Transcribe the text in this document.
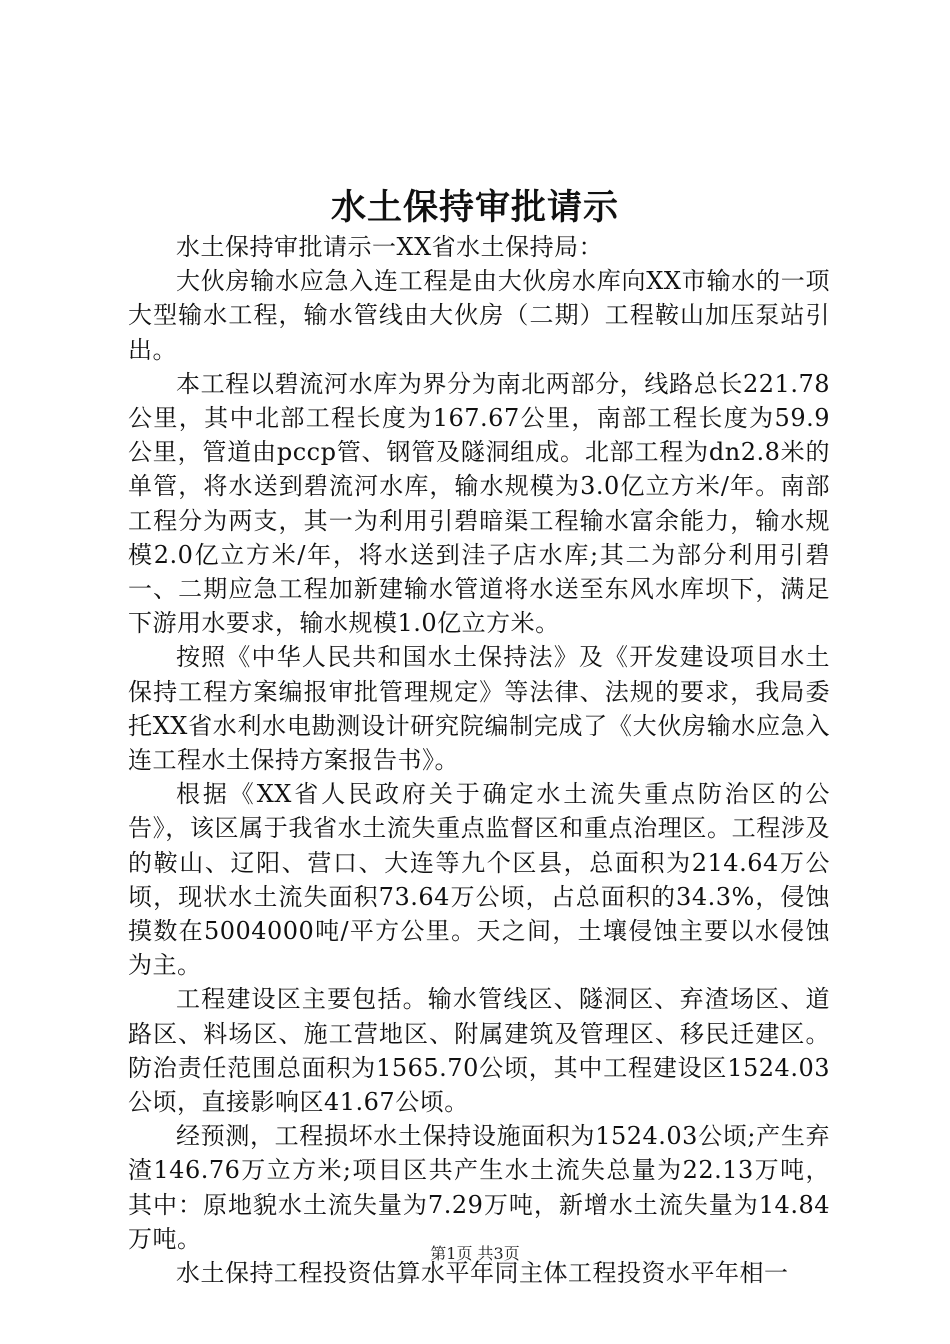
水土保持审批请示

水土保持审批请示一XX省水土保持局：

大伙房输水应急入连工程是由大伙房水库向XX市输水的一项大型输水工程，输水管线由大伙房（二期）工程鞍山加压泵站引出。

本工程以碧流河水库为界分为南北两部分，线路总长221.78公里，其中北部工程长度为167.67公里，南部工程长度为59.9公里，管道由pccp管、钢管及隧洞组成。北部工程为dn2.8米的单管，将水送到碧流河水库，输水规模为3.0亿立方米/年。南部工程分为两支，其一为利用引碧暗渠工程输水富余能力，输水规模2.0亿立方米/年，将水送到洼子店水库;其二为部分利用引碧一、二期应急工程加新建输水管道将水送至东风水库坝下，满足下游用水要求，输水规模1.0亿立方米。

按照《中华人民共和国水土保持法》及《开发建设项目水土保持工程方案编报审批管理规定》等法律、法规的要求，我局委托XX省水利水电勘测设计研究院编制完成了《大伙房输水应急入连工程水土保持方案报告书》。

根据《XX省人民政府关于确定水土流失重点防治区的公告》，该区属于我省水土流失重点监督区和重点治理区。工程涉及的鞍山、辽阳、营口、大连等九个区县，总面积为214.64万公顷，现状水土流失面积73.64万公顷，占总面积的34.3%，侵蚀摸数在5004000吨/平方公里。天之间，土壤侵蚀主要以水侵蚀为主。

工程建设区主要包括。输水管线区、隧洞区、弃渣场区、道路区、料场区、施工营地区、附属建筑及管理区、移民迁建区。防治责任范围总面积为1565.70公顷，其中工程建设区1524.03公顷，直接影响区41.67公顷。

经预测，工程损坏水土保持设施面积为1524.03公顷;产生弃渣146.76万立方米;项目区共产生水土流失总量为22.13万吨，其中：原地貌水土流失量为7.29万吨，新增水土流失量为14.84万吨。

水土保持工程投资估算水平年同主体工程投资水平年相一

第1页 共3页
